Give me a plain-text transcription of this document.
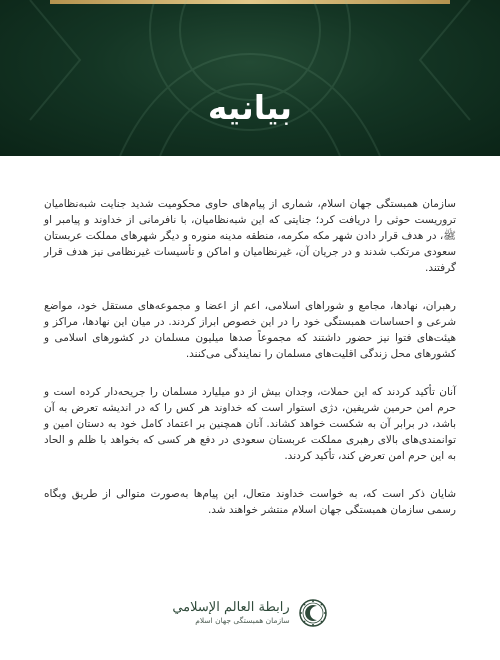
بیانیه

سازمان همبستگی جهان اسلام، شماری از پیام‌های حاوی محکومیت شدید جنایت شبه‌نظامیان تروریست حوثی را دریافت کرد؛ جنایتی که این شبه‌نظامیان، با نافرمانی از خداوند و پیامبر او ﷺ، در هدف قرار دادن شهر مکه مکرمه، منطقه مدینه منوره و دیگر شهرهای مملکت عربستان سعودی مرتکب شدند و در جریان آن، غیرنظامیان و اماکن و تأسیسات غیرنظامی نیز هدف قرار گرفتند.

رهبران، نهادها، مجامع و شوراهای اسلامی، اعم از اعضا و مجموعه‌های مستقل خود، مواضع شرعی و احساسات همبستگی خود را در این خصوص ابراز کردند. در میان این نهادها، مراکز و هیئت‌های فتوا نیز حضور داشتند که مجموعاً صدها میلیون مسلمان در کشورهای اسلامی و کشورهای محل زندگی اقلیت‌های مسلمان را نمایندگی می‌کنند.

آنان تأکید کردند که این حملات، وجدان بیش از دو میلیارد مسلمان را جریحه‌دار کرده است و حرم امن حرمین شریفین، دژی استوار است که خداوند هر کس را که در اندیشه تعرض به آن باشد، در برابر آن به شکست خواهد کشاند. آنان همچنین بر اعتماد کامل خود به دستان امین و توانمندی‌های بالای رهبری مملکت عربستان سعودی در دفع هر کسی که بخواهد با ظلم و الحاد به این حرم امن تعرض کند، تأکید کردند.

شایان ذکر است که، به خواست خداوند متعال، این پیام‌ها به‌صورت متوالی از طریق وبگاه رسمی سازمان همبستگی جهان اسلام منتشر خواهند شد.

رابطة العالم الإسلامي
سازمان همبستگی جهان اسلام
